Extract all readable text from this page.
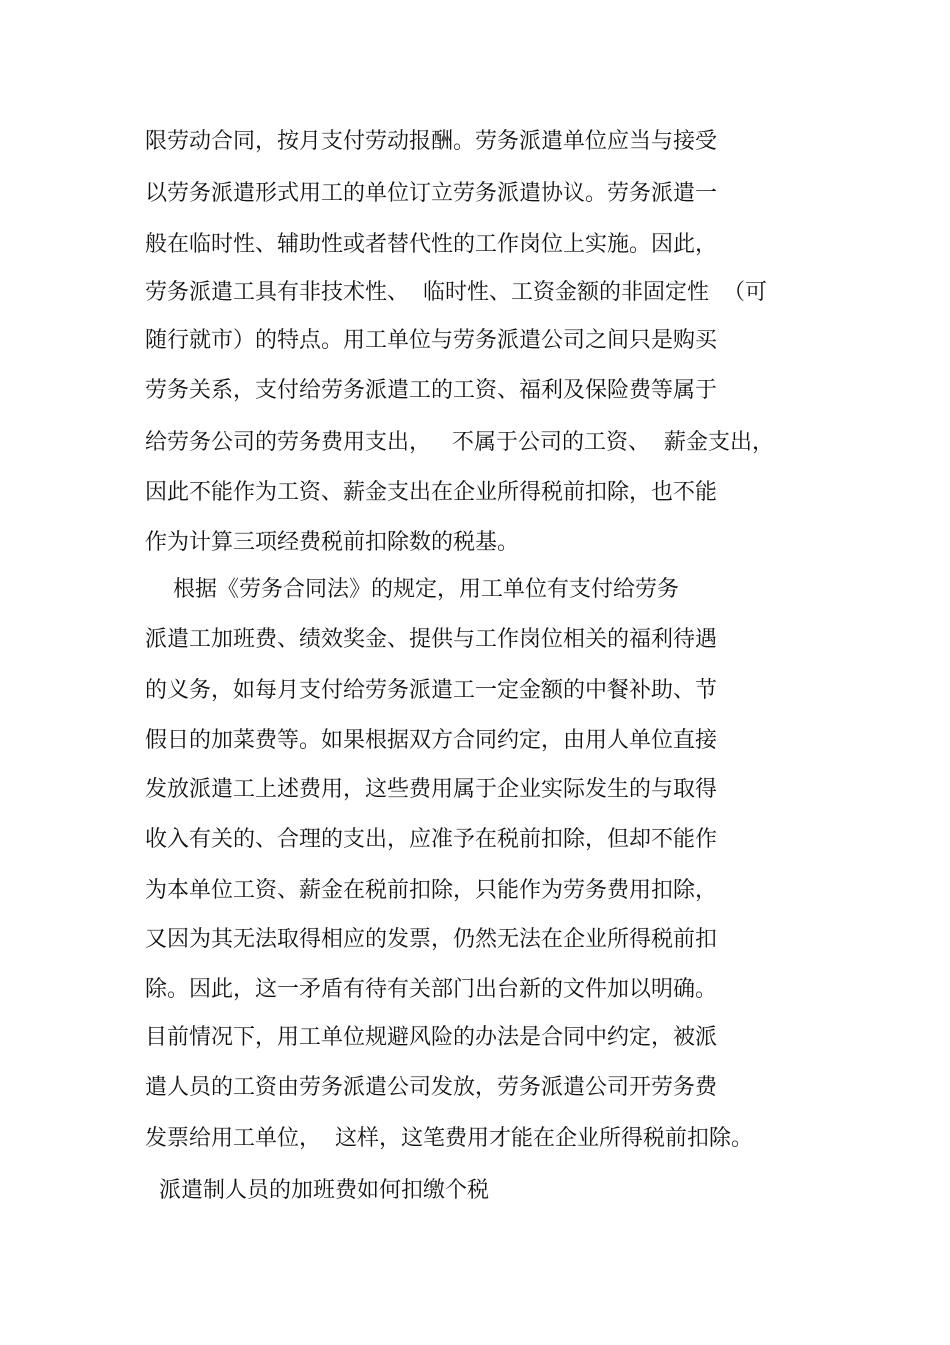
限劳动合同，按月支付劳动报酬。劳务派遣单位应当与接受
以劳务派遣形式用工的单位订立劳务派遣协议。劳务派遣一
般在临时性、辅助性或者替代性的工作岗位上实施。因此，
劳务派遣工具有非技术性、  临时性、工资金额的非固定性  （可
随行就市）的特点。用工单位与劳务派遣公司之间只是购买
劳务关系，支付给劳务派遣工的工资、福利及保险费等属于
给劳务公司的劳务费用支出，   不属于公司的工资、  薪金支出，
因此不能作为工资、薪金支出在企业所得税前扣除，也不能
作为计算三项经费税前扣除数的税基。
根据《劳务合同法》的规定，用工单位有支付给劳务
派遣工加班费、绩效奖金、提供与工作岗位相关的福利待遇
的义务，如每月支付给劳务派遣工一定金额的中餐补助、节
假日的加菜费等。如果根据双方合同约定，由用人单位直接
发放派遣工上述费用，这些费用属于企业实际发生的与取得
收入有关的、合理的支出，应准予在税前扣除，但却不能作
为本单位工资、薪金在税前扣除，只能作为劳务费用扣除，
又因为其无法取得相应的发票，仍然无法在企业所得税前扣
除。因此，这一矛盾有待有关部门出台新的文件加以明确。
目前情况下，用工单位规避风险的办法是合同中约定，被派
遣人员的工资由劳务派遣公司发放，劳务派遣公司开劳务费
发票给用工单位，  这样，这笔费用才能在企业所得税前扣除。
派遣制人员的加班费如何扣缴个税
